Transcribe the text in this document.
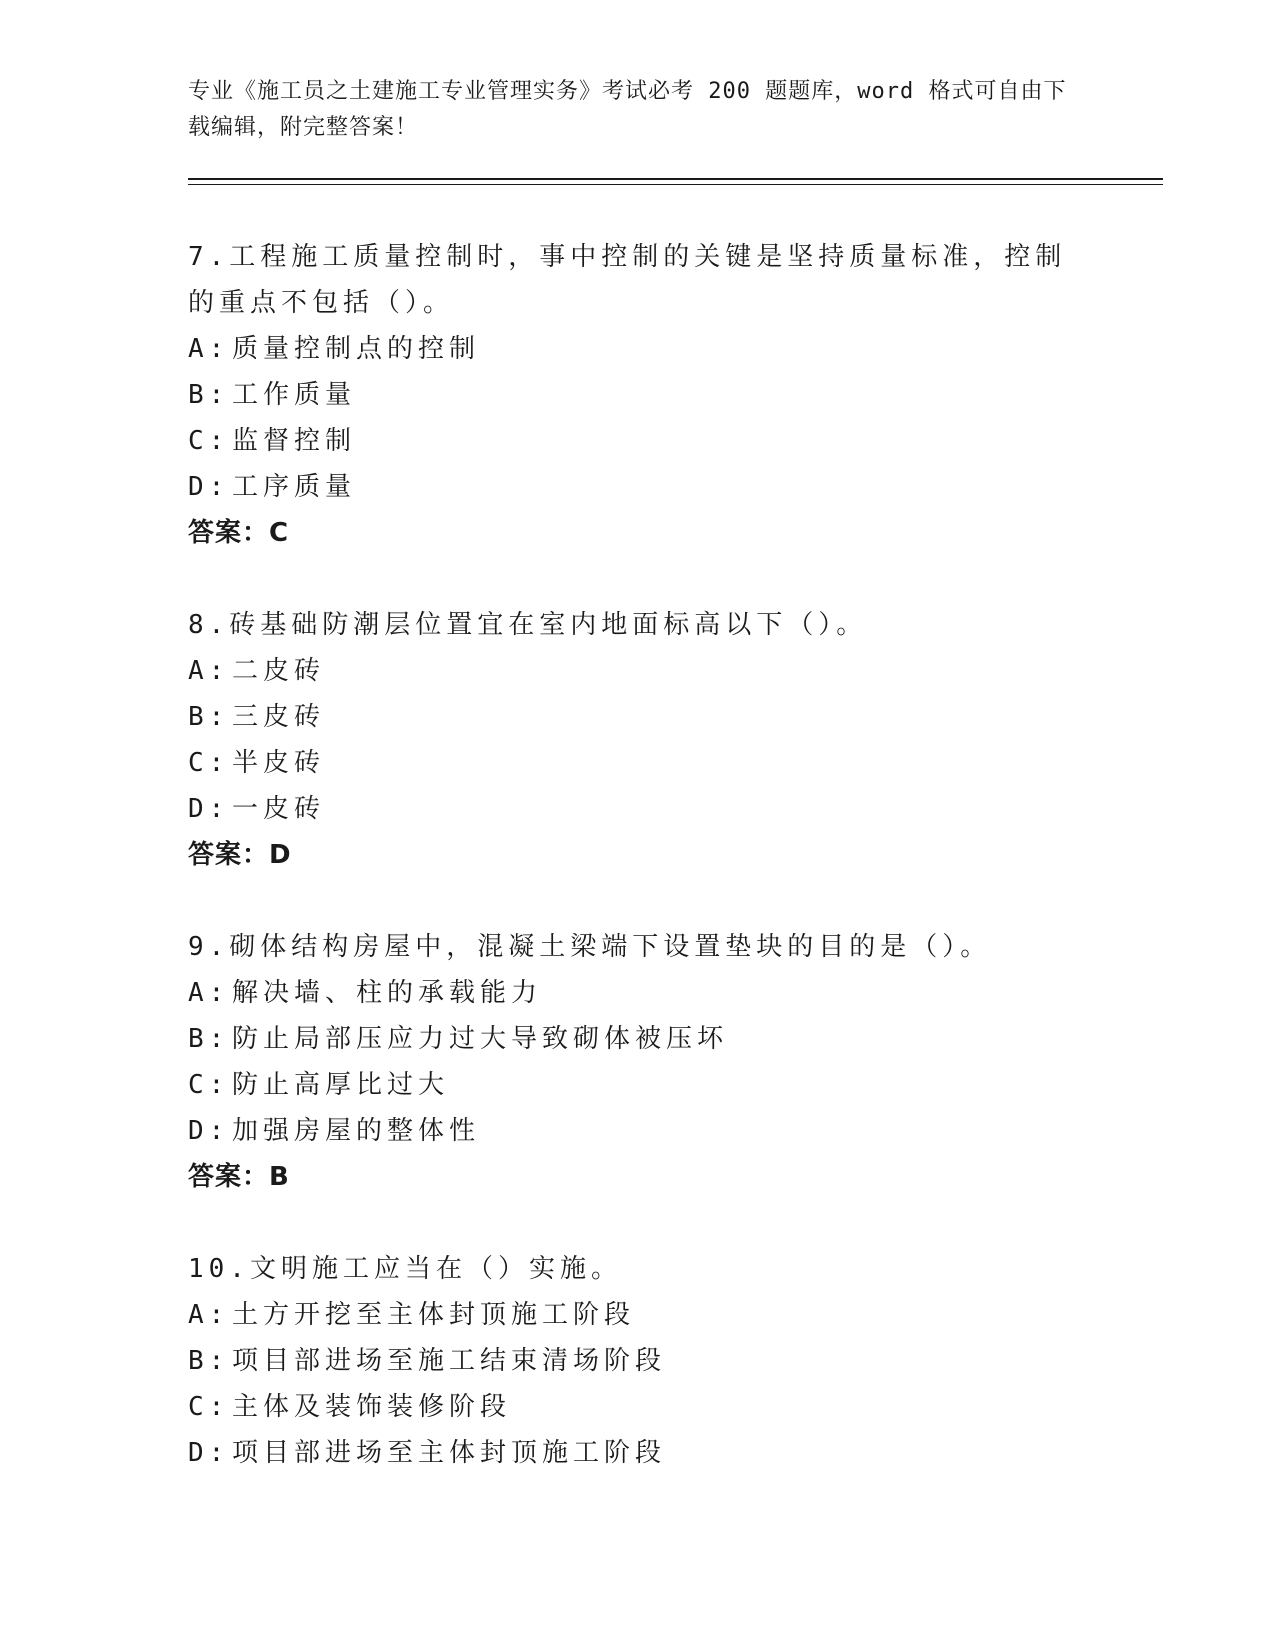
专业《施工员之土建施工专业管理实务》考试必考 200 题题库，word 格式可自由下载编辑，附完整答案！
7.工程施工质量控制时，事中控制的关键是坚持质量标准，控制的重点不包括（）。
A: 质量控制点的控制
B: 工作质量
C: 监督控制
D: 工序质量
答案：C
8.砖基础防潮层位置宜在室内地面标高以下（）。
A: 二皮砖
B: 三皮砖
C: 半皮砖
D: 一皮砖
答案：D
9.砌体结构房屋中，混凝土梁端下设置垫块的目的是（）。
A: 解决墙、柱的承载能力
B: 防止局部压应力过大导致砌体被压坏
C: 防止高厚比过大
D: 加强房屋的整体性
答案：B
10.文明施工应当在（）实施。
A: 土方开挖至主体封顶施工阶段
B: 项目部进场至施工结束清场阶段
C: 主体及装饰装修阶段
D: 项目部进场至主体封顶施工阶段
